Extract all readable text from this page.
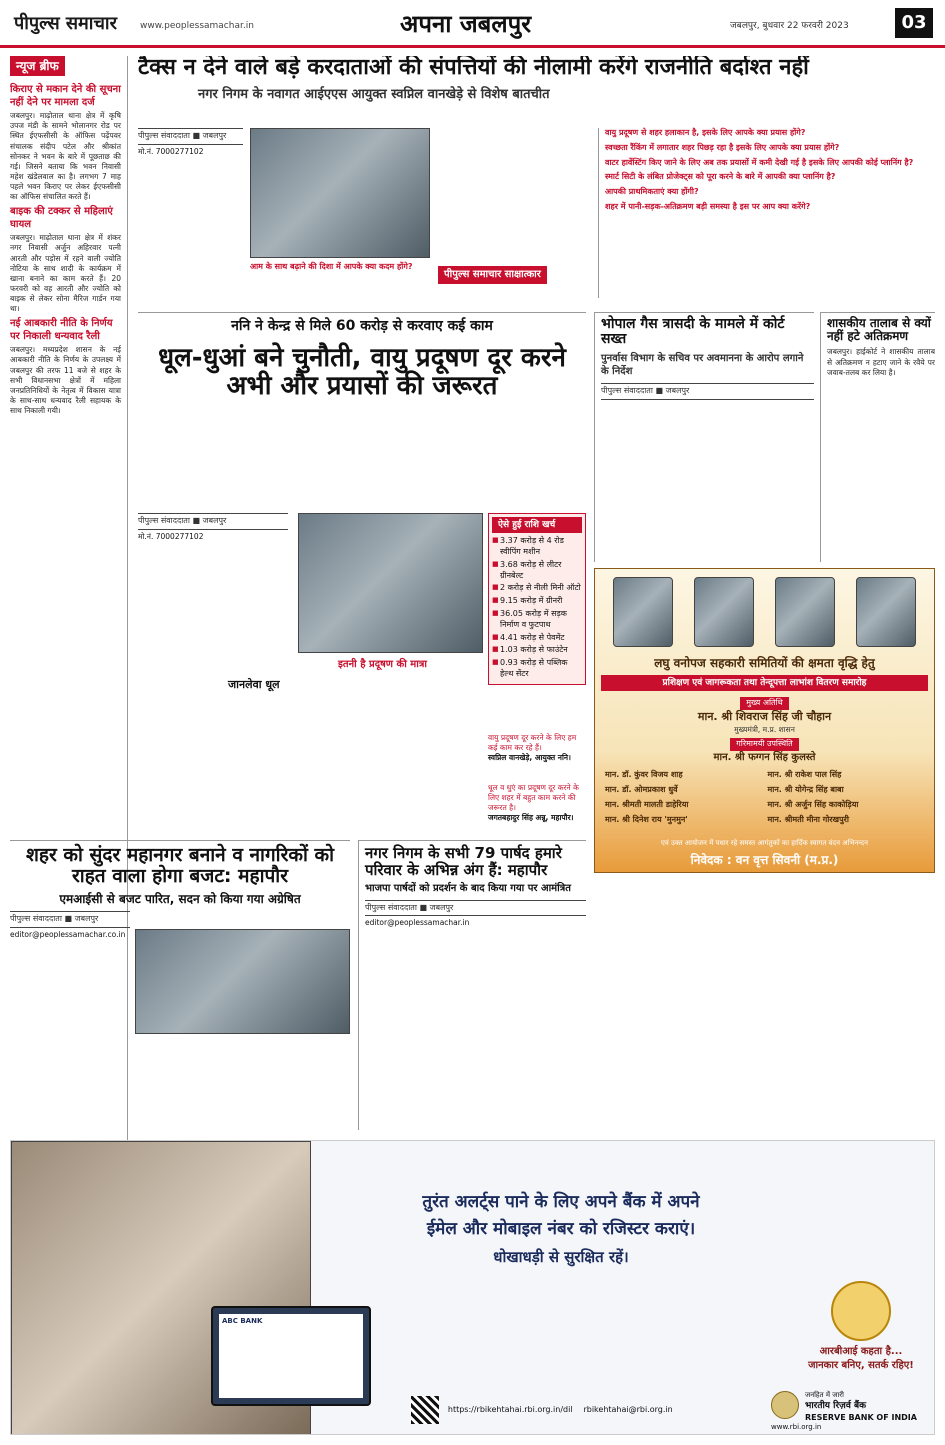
पीपुल्स समाचार	www.peoplessamachar.in	अपना जबलपुर	जबलपुर, बुधवार 22 फरवरी 2023	03
न्यूज ब्रीफ
किराए से मकान देने की सूचना नहीं देने पर मामला दर्ज
जबलपुर। माढ़ोताल थाना क्षेत्र में कृषि उपज मंडी के सामने भोलानगर रोड पर स्थित ईएफसीसी के ऑफिस पढ़ेंपवर संचालक संदीप पटेल और श्रीकांत सोनकर ने भवन के बारे में पूछताछ की गई। जिसने बताया कि भवन निवासी महेश खंडेलवाल का है। लगभग 7 माह पहले भवन किराए पर लेकर ईएफसीसी का ऑफिस संचालित करते हैं।
बाइक की टक्कर से महिलाएं घायल
जबलपुर। माढ़ोताल थाना क्षेत्र में शंकर नगर निवासी अर्जुन अहिरवार पत्नी आरती और पड़ोस में रहने वाली ज्योति नोटिया के साथ शादी के कार्यक्रम में खाना बनाने का काम करते हैं। 20 फरवरी को वह आरती और ज्योति को बाइक से लेकर सोना मैरिज गार्डन गया था।
नई आबकारी नीति के निर्णय पर निकाली धन्यवाद रैली
जबलपुर। मध्यप्रदेश शासन के नई आबकारी नीति के निर्णय के उपलक्ष्य में जबलपुर की तरफ 11 बजे से शहर के सभी विधानसभा क्षेत्रों में महिला जनप्रतिनिधियों के नेतृत्व में विकास यात्रा के साथ-साथ धन्यवाद रैली सहायक के साथ निकाली गयी।
टैक्स न देने वाले बड़े करदाताओं की संपत्तियों की नीलामी करेंगे राजनीति बर्दाश्त नहीं
नगर निगम के नवागत आईएएस आयुक्त स्वप्निल वानखेड़े से विशेष बातचीत
पीपुल्स संवाददाता ■ जबलपुर
मो.नं. 7000277102
आम के साथ बढ़ाने की दिशा में आपके क्या कदम होंगे?
पीपुल्स समाचार साक्षात्कार
वायु प्रदूषण से शहर हलाकान है, इसके लिए आपके क्या प्रयास होंगे?
स्वच्छता रैंकिंग में लगातार शहर पिछड़ रहा है इसके लिए आपके क्या प्रयास होंगे?
वाटर हार्वेस्टिंग किए जाने के लिए अब तक प्रयासों में कमी देखी गई है इसके लिए आपकी कोई प्लानिंग है?
स्मार्ट सिटी के लंबित प्रोजेक्ट्स को पूरा करने के बारे में आपकी क्या प्लानिंग है?
आपकी प्राथमिकताएं क्या होंगी?
शहर में पानी-सड़क-अतिक्रमण बड़ी समस्या है इस पर आप क्या करेंगे?
ननि ने केन्द्र से मिले 60 करोड़ से करवाए कई काम
धूल-धुआं बने चुनौती, वायु प्रदूषण दूर करने अभी और प्रयासों की जरूरत
पीपुल्स संवाददाता ■ जबलपुर
मो.नं. 7000277102
ऐसे हुई राशि खर्च
■ 3.37 करोड़ से 4 रोड स्वीपिंग मशीन
■ 3.68 करोड़ से लीटर ग्रीनबेल्ट
■ 2 करोड़ से नीली मिनी ऑटो
■ 9.15 करोड़ में ग्रीनरी
■ 36.05 करोड़ में सड़क निर्माण व फुटपाथ
■ 4.41 करोड़ से पेवमेंट
■ 1.03 करोड़ से फाउंटेन
■ 0.93 करोड़ से पब्लिक हेल्थ सेंटर
जानलेवा धूल
इतनी है प्रदूषण की मात्रा
वायु प्रदूषण दूर करने के लिए हम कई काम कर रहे हैं।
स्वप्निल वानखेड़े, आयुक्त ननि।
धूल व धुएं का प्रदूषण दूर करने के लिए शहर में बहुत काम करने की जरूरत है।
जगतबहादुर सिंह अन्नू, महापौर।
भोपाल गैस त्रासदी के मामले में कोर्ट सख्त
पुनर्वास विभाग के सचिव पर अवमानना के आरोप लगाने के निर्देश
पीपुल्स संवाददाता ■ जबलपुर
शासकीय तालाब से क्यों नहीं हटे अतिक्रमण
जबलपुर। हाईकोर्ट ने शासकीय तालाब से अतिक्रमण न हटाए जाने के रवैये पर जवाब-तलब कर लिया है।
लघु वनोपज सहकारी समितियों की क्षमता वृद्धि हेतु
प्रशिक्षण एवं जागरूकता तथा तेन्दूपत्ता लाभांश वितरण समारोह
मुख्य अतिथि
मान. श्री शिवराज सिंह जी चौहान
मुख्यमंत्री, म.प्र. शासन
गरिमामयी उपस्थिति
मान. श्री फग्गन सिंह कुलस्ते
मान. डॉ. कुंवर विजय शाह	मान. श्री राकेश पाल सिंह
मान. डॉ. ओमप्रकाश धुर्वे	मान. श्री योगेन्द्र सिंह बाबा
मान. श्रीमती मालती डाहेरिया	मान. श्री अर्जुन सिंह काकोड़िया
मान. श्री दिनेश राय 'मुनमुन'	मान. श्रीमती मीना गोरखपुरी
एवं उक्त आयोजन में पधार रहे समस्त आगंतुकों का हार्दिक स्वागत वंदन अभिनन्दन
निवेदक : वन वृत्त सिवनी (म.प्र.)
शहर को सुंदर महानगर बनाने व नागरिकों को राहत वाला होगा बजट: महापौर
एमआईसी से बजट पारित, सदन को किया गया अग्रेषित
पीपुल्स संवाददाता ■ जबलपुर
editor@peoplessamachar.co.in
नगर निगम के सभी 79 पार्षद हमारे परिवार के अभिन्न अंग हैं: महापौर
भाजपा पार्षदों को प्रदर्शन के बाद किया गया पर आमंत्रित
पीपुल्स संवाददाता ■ जबलपुर
editor@peoplessamachar.in
तुरंत अलर्ट्स पाने के लिए अपने बैंक में अपने
ईमेल और मोबाइल नंबर को रजिस्टर कराएं।
धोखाधड़ी से सुरक्षित रहें।
ABC BANK
आरबीआई कहता है...
जानकार बनिए, सतर्क रहिए!
https://rbikehtahai.rbi.org.in/dil rbikehtahai@rbi.org.in
जनहित में जारी
भारतीय रिज़र्व बैंक
RESERVE BANK OF INDIA
www.rbi.org.in
